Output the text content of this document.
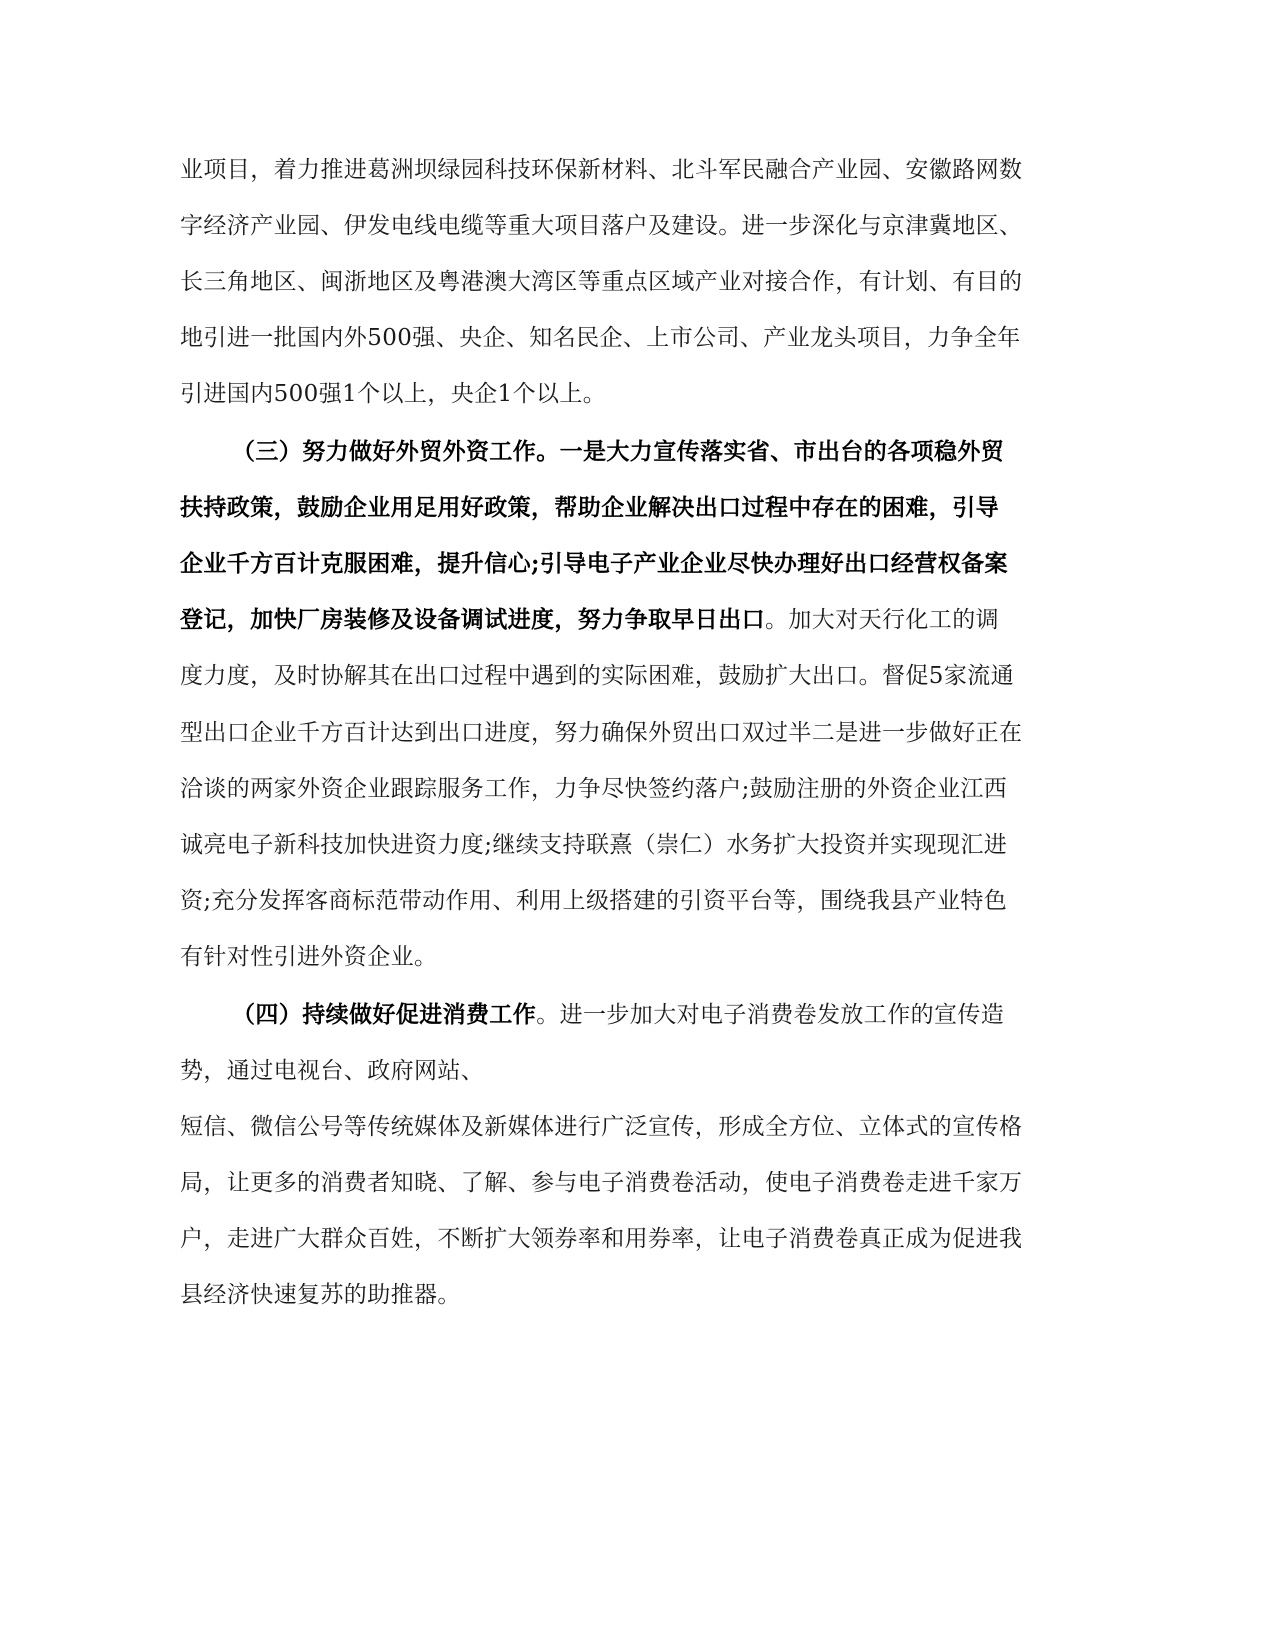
业项目，着力推进葛洲坝绿园科技环保新材料、北斗军民融合产业园、安徽路网数
字经济产业园、伊发电线电缆等重大项目落户及建设。进一步深化与京津冀地区、
长三角地区、闽浙地区及粤港澳大湾区等重点区域产业对接合作，有计划、有目的
地引进一批国内外500强、央企、知名民企、上市公司、产业龙头项目，力争全年
引进国内500强1个以上，央企1个以上。
（三）努力做好外贸外资工作。一是大力宣传落实省、市出台的各项稳外贸
扶持政策，鼓励企业用足用好政策，帮助企业解决出口过程中存在的困难，引导
企业千方百计克服困难，提升信心;引导电子产业企业尽快办理好出口经营权备案
登记，加快厂房装修及设备调试进度，努力争取早日出口。加大对天行化工的调
度力度，及时协解其在出口过程中遇到的实际困难，鼓励扩大出口。督促5家流通
型出口企业千方百计达到出口进度，努力确保外贸出口双过半二是进一步做好正在
洽谈的两家外资企业跟踪服务工作，力争尽快签约落户;鼓励注册的外资企业江西
诚亮电子新科技加快进资力度;继续支持联熹（崇仁）水务扩大投资并实现现汇进
资;充分发挥客商标范带动作用、利用上级搭建的引资平台等，围绕我县产业特色
有针对性引进外资企业。
（四）持续做好促进消费工作。进一步加大对电子消费卷发放工作的宣传造
势，通过电视台、政府网站、
短信、微信公号等传统媒体及新媒体进行广泛宣传，形成全方位、立体式的宣传格
局，让更多的消费者知晓、了解、参与电子消费卷活动，使电子消费卷走进千家万
户，走进广大群众百姓，不断扩大领券率和用券率，让电子消费卷真正成为促进我
县经济快速复苏的助推器。
